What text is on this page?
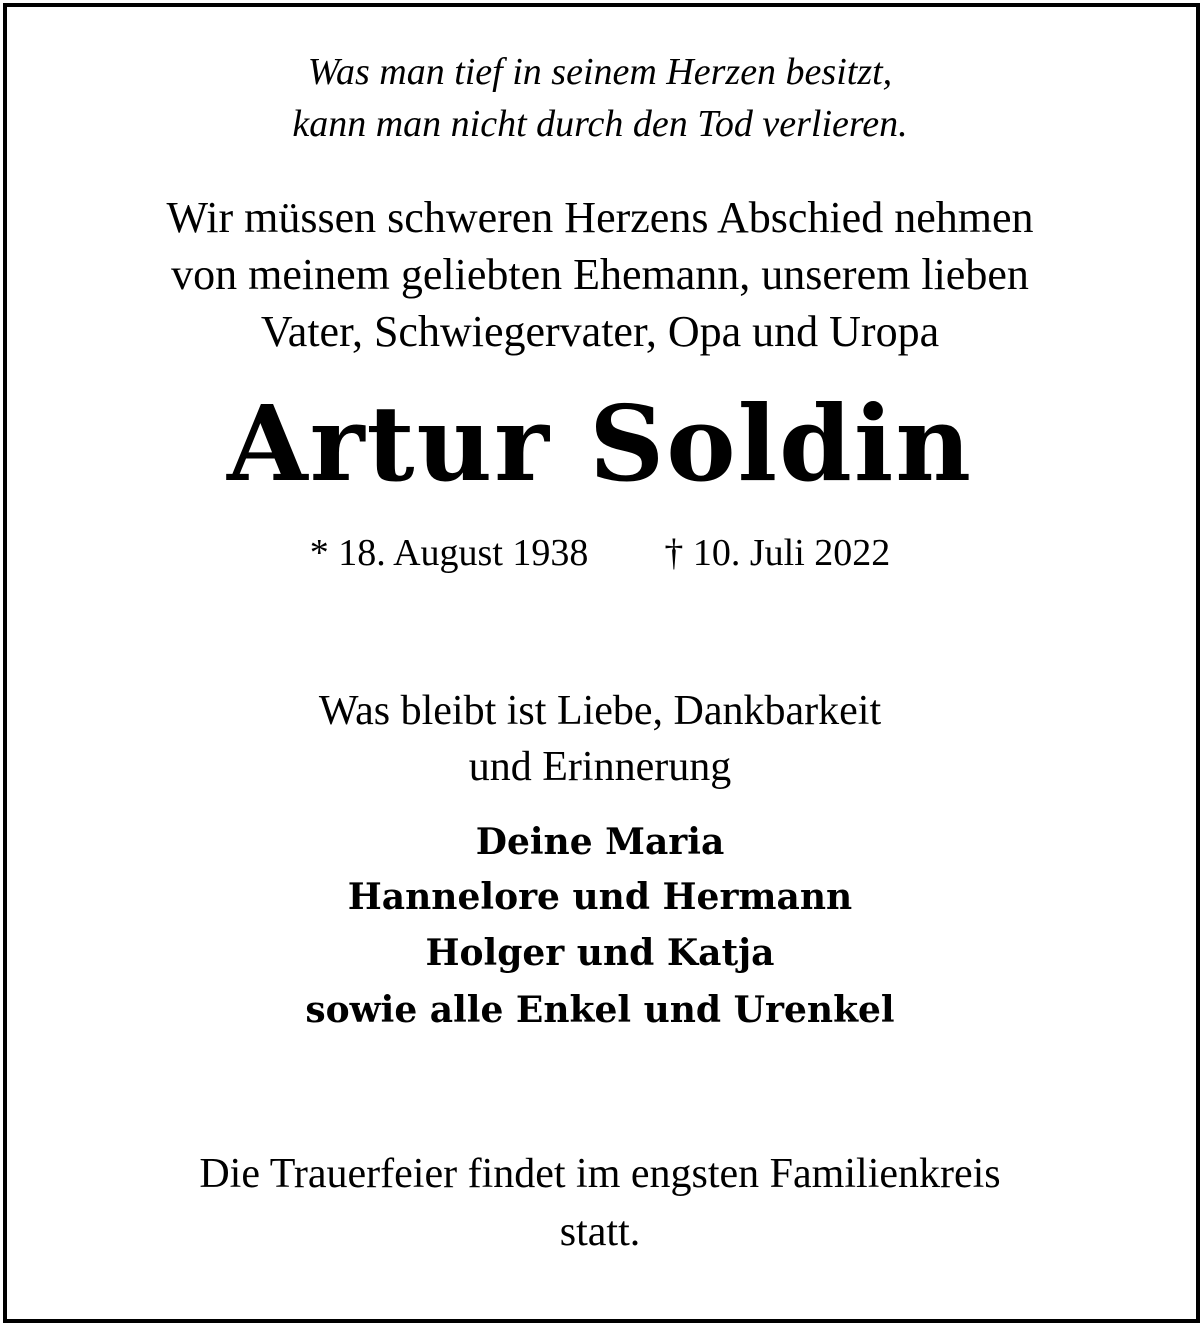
Was man tief in seinem Herzen besitzt,

kann man nicht durch den Tod verlieren.

Wir müssen schweren Herzens Abschied nehmen

von meinem geliebten Ehemann, unserem lieben

Vater, Schwiegervater, Opa und Uropa

Artur Soldin

* 18. August 1938 † 10. Juli 2022

Was bleibt ist Liebe, Dankbarkeit

und Erinnerung

Deine Maria

Hannelore und Hermann

Holger und Katja

sowie alle Enkel und Urenkel

Die Trauerfeier findet im engsten Familienkreis

statt.
